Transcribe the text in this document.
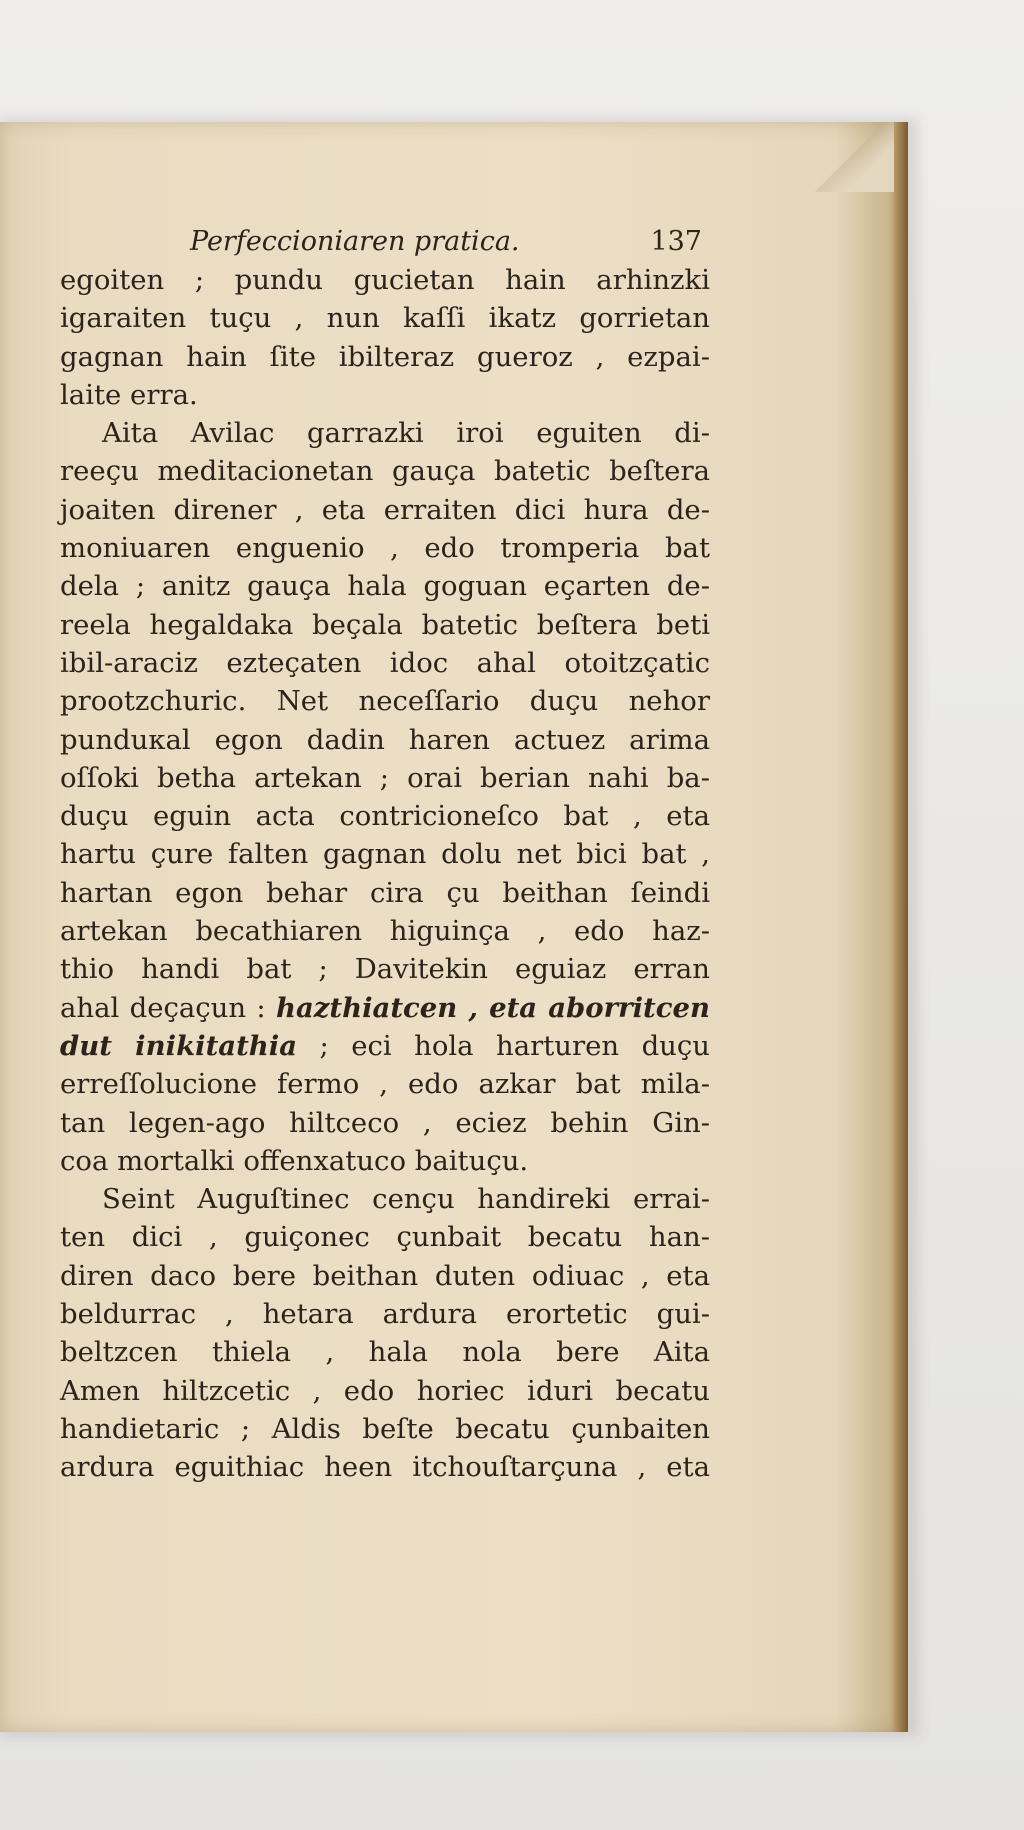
Perfeccioniaren pratica.	137
egoiten ; pundu gucietan hain arhinzki
igaraiten tuçu , nun kaſſi ikatz gorrietan
gagnan hain ſite ibilteraz gueroz , ezpai-
laite erra.
Aita Avilac garrazki iroi eguiten di-
reeçu meditacionetan gauça batetic beſtera
joaiten direner , eta erraiten dici hura de-
moniuaren enguenio , edo tromperia bat
dela ; anitz gauça hala goguan eçarten de-
reela hegaldaka beçala batetic beſtera beti
ibil-araciz ezteçaten idoc ahal otoitzçatic
prootzchuric. Net neceſſario duçu nehor
punduкal egon dadin haren actuez arima
oſſoki betha artekan ; orai berian nahi ba-
duçu eguin acta contricioneſco bat , eta
hartu çure falten gagnan dolu net bici bat ,
hartan egon behar cira çu beithan ſeindi
artekan becathiaren higuinça , edo haz-
thio handi bat ; Davitekin eguiaz erran
ahal deçaçun : hazthiatcen , eta aborritcen
dut inikitathia ; eci hola harturen duçu
erreſſolucione fermo , edo azkar bat mila-
tan legen-ago hiltceco , eciez behin Gin-
coa mortalki offenxatuco baituçu.
Seint Auguſtinec cençu handireki errai-
ten dici , guiçonec çunbait becatu han-
diren daco bere beithan duten odiuac , eta
beldurrac , hetara ardura erortetic gui-
beltzcen thiela , hala nola bere Aita
Amen hiltzcetic , edo horiec iduri becatu
handietaric ; Aldis beſte becatu çunbaiten
ardura eguithiac heen itchouſtarçuna , eta
